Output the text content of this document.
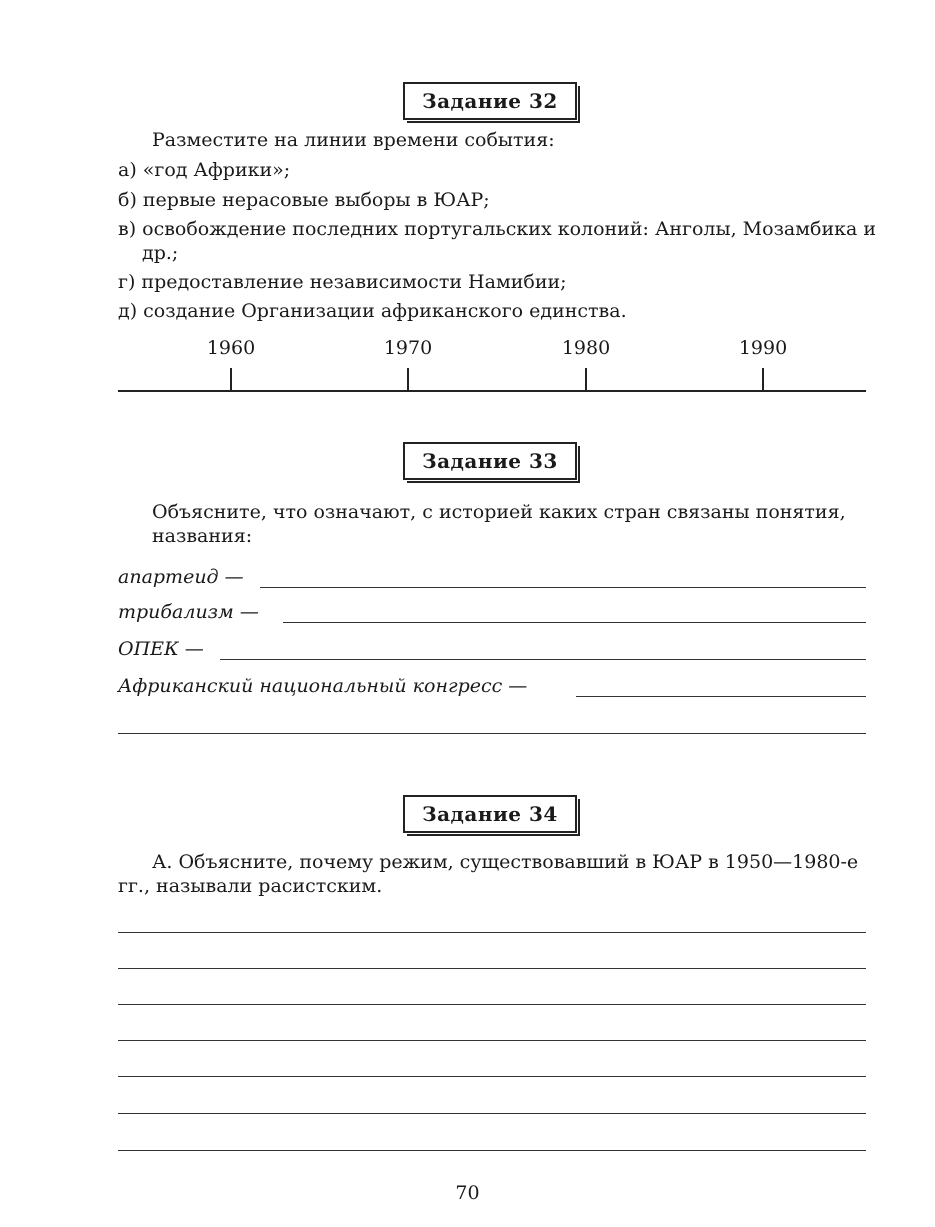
Задание 32
Разместите на линии времени события:
а) «год Африки»;
б) первые нерасовые выборы в ЮАР;
в) освобождение последних португальских колоний: Анголы, Мозамбика и др.;
г) предоставление независимости Намибии;
д) создание Организации африканского единства.
1960	1970	1980	1990
Задание 33
Объясните, что означают, с историей каких стран связаны понятия, названия:
апартеид —
трибализм —
ОПЕК —
Африканский национальный конгресс —
Задание 34
А. Объясните, почему режим, существовавший в ЮАР в 1950—1980-е гг., называли расистским.
70
